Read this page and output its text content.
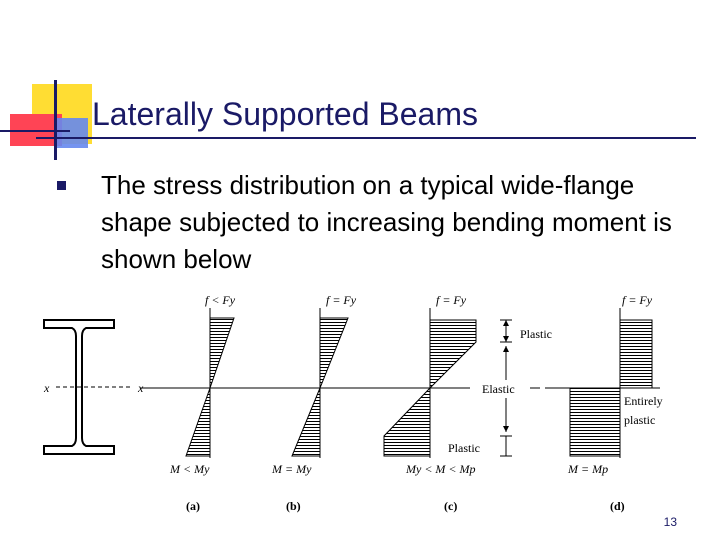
Laterally Supported Beams
The stress distribution on a typical wide-flange shape subjected to increasing bending moment is shown below
x	x
f < Fy
M < My
(a)
f = Fy
M = My
(b)
f = Fy
My < M < Mp
(c)
Plastic
Elastic
Plastic
f = Fy
Entirely
plastic
M = Mp
(d)
13
